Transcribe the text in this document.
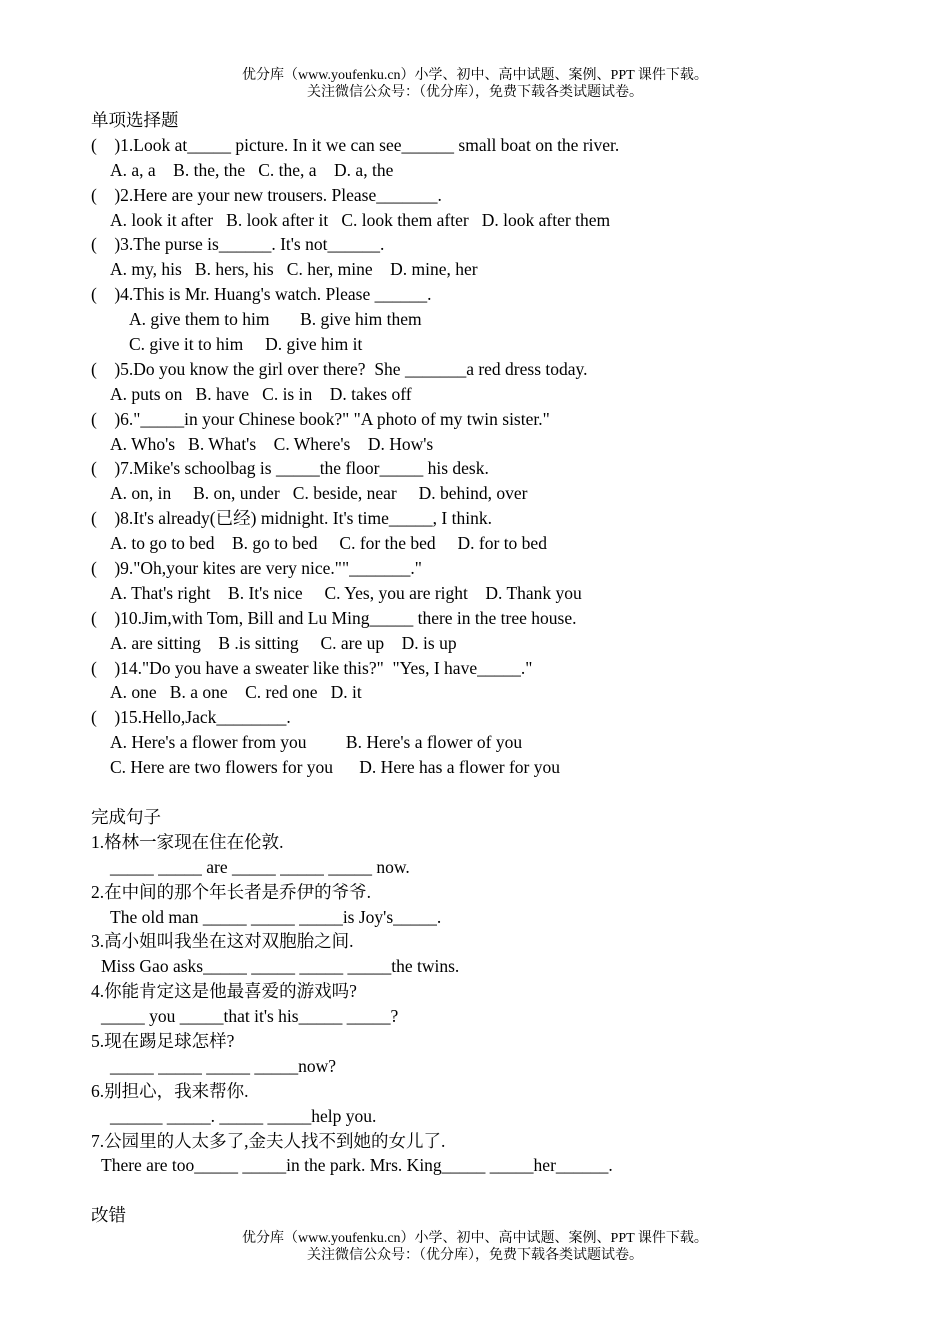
优分库（www.youfenku.cn）小学、初中、高中试题、案例、PPT 课件下载。
关注微信公众号：（优分库），免费下载各类试题试卷。
单项选择题
(    )1.Look at_____ picture. In it we can see______ small boat on the river.
A. a, a    B. the, the   C. the, a    D. a, the
(    )2.Here are your new trousers. Please_______.
A. look it after   B. look after it   C. look them after   D. look after them
(    )3.The purse is______. It's not______.
A. my, his   B. hers, his   C. her, mine    D. mine, her
(    )4.This is Mr. Huang's watch. Please ______.
A. give them to him       B. give him them
C. give it to him     D. give him it
(    )5.Do you know the girl over there?  She _______a red dress today.
A. puts on   B. have   C. is in    D. takes off
(    )6."_____in your Chinese book?" "A photo of my twin sister."
A. Who's   B. What's    C. Where's    D. How's
(    )7.Mike's schoolbag is _____the floor_____ his desk.
A. on, in     B. on, under   C. beside, near     D. behind, over
(    )8.It's already(已经) midnight. It's time_____, I think.
A. to go to bed    B. go to bed     C. for the bed     D. for to bed
(    )9."Oh,your kites are very nice.""_______."
A. That's right    B. It's nice     C. Yes, you are right    D. Thank you
(    )10.Jim,with Tom, Bill and Lu Ming_____ there in the tree house.
A. are sitting    B .is sitting     C. are up    D. is up
(    )14."Do you have a sweater like this?"  "Yes, I have_____."
A. one   B. a one    C. red one   D. it
(    )15.Hello,Jack________.
A. Here's a flower from you         B. Here's a flower of you
C. Here are two flowers for you      D. Here has a flower for you
完成句子
1.格林一家现在住在伦敦.
_____ _____ are _____ _____ _____ now.
2.在中间的那个年长者是乔伊的爷爷.
The old man _____ _____ _____is Joy's_____.
3.高小姐叫我坐在这对双胞胎之间.
Miss Gao asks_____ _____ _____ _____the twins.
4.你能肯定这是他最喜爱的游戏吗?
_____ you _____that it's his_____ _____?
5.现在踢足球怎样?
_____ _____ _____ _____now?
6.别担心，我来帮你.
______ _____. _____ _____help you.
7.公园里的人太多了,金夫人找不到她的女儿了.
There are too_____ _____in the park. Mrs. King_____ _____her______.
改错
优分库（www.youfenku.cn）小学、初中、高中试题、案例、PPT 课件下载。
关注微信公众号：（优分库），免费下载各类试题试卷。
